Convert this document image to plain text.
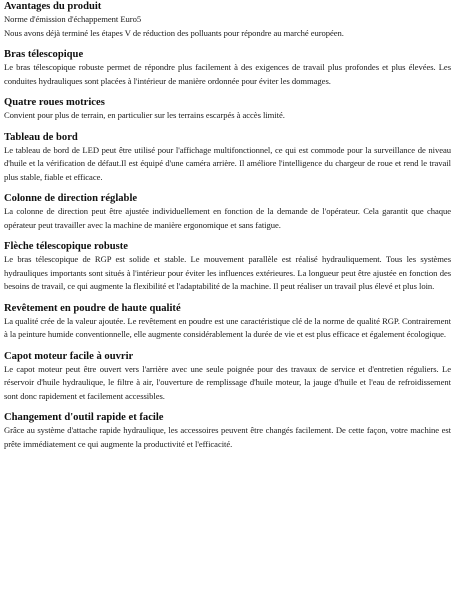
Avantages du produit

Norme d'émission d'échappement Euro5

Nous avons déjà terminé les étapes V de réduction des polluants pour répondre au marché européen.

Bras télescopique

Le bras télescopique robuste permet de répondre plus facilement à des exigences de travail plus profondes et plus élevées. Les conduites hydrauliques sont placées à l'intérieur de manière ordonnée pour éviter les dommages.

Quatre roues motrices

Convient pour plus de terrain, en particulier sur les terrains escarpés à accès limité.

Tableau de bord

Le tableau de bord de LED peut être utilisé pour l'affichage multifonctionnel, ce qui est commode pour la surveillance de niveau d'huile et la vérification de défaut.Il est équipé d'une caméra arrière. Il améliore l'intelligence du chargeur de roue et rend le travail plus stable, fiable et efficace.

Colonne de direction réglable

La colonne de direction peut être ajustée individuellement en fonction de la demande de l'opérateur. Cela garantit que chaque opérateur peut travailler avec la machine de manière ergonomique et sans fatigue.

Flèche télescopique robuste

Le bras télescopique de RGP est solide et stable. Le mouvement parallèle est réalisé hydrauliquement. Tous les systèmes hydrauliques importants sont situés à l'intérieur pour éviter les influences extérieures. La longueur peut être ajustée en fonction des besoins de travail, ce qui augmente la flexibilité et l'adaptabilité de la machine. Il peut réaliser un travail plus élevé et plus loin.

Revêtement en poudre de haute qualité

La qualité crée de la valeur ajoutée. Le revêtement en poudre est une caractéristique clé de la norme de qualité RGP. Contrairement à la peinture humide conventionnelle, elle augmente considérablement la durée de vie et est plus efficace et également écologique.

Capot moteur facile à ouvrir

Le capot moteur peut être ouvert vers l'arrière avec une seule poignée pour des travaux de service et d'entretien réguliers. Le réservoir d'huile hydraulique, le filtre à air, l'ouverture de remplissage d'huile moteur, la jauge d'huile et l'eau de refroidissement sont donc rapidement et facilement accessibles.

Changement d'outil rapide et facile

Grâce au système d'attache rapide hydraulique, les accessoires peuvent être changés facilement. De cette façon, votre machine est prête immédiatement ce qui augmente la productivité et l'efficacité.
